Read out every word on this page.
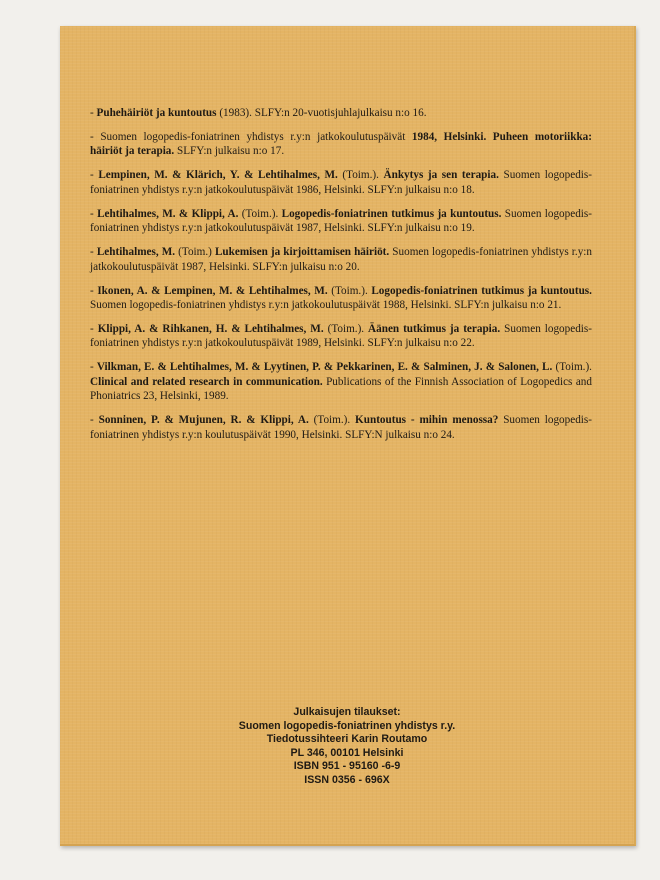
- Puhehäiriöt ja kuntoutus (1983). SLFY:n 20-vuotisjuhlajulkaisu n:o 16.

- Suomen logopedis-foniatrinen yhdistys r.y:n jatkokoulutuspäivät 1984, Helsinki. Puheen motoriikka: häiriöt ja terapia. SLFY:n julkaisu n:o 17.

- Lempinen, M. & Klärich, Y. & Lehtihalmes, M. (Toim.). Änkytys ja sen terapia. Suomen logopedis-foniatrinen yhdistys r.y:n jatkokoulutuspäivät 1986, Helsinki. SLFY:n julkaisu n:o 18.

- Lehtihalmes, M. & Klippi, A. (Toim.). Logopedis-foniatrinen tutkimus ja kuntoutus. Suomen logopedis-foniatrinen yhdistys r.y:n jatkokoulutuspäivät 1987, Helsinki. SLFY:n julkaisu n:o 19.

- Lehtihalmes, M. (Toim.) Lukemisen ja kirjoittamisen häiriöt. Suomen logopedis-foniatrinen yhdistys r.y:n jatkokoulutuspäivät 1987, Helsinki. SLFY:n julkaisu n:o 20.

- Ikonen, A. & Lempinen, M. & Lehtihalmes, M. (Toim.). Logopedis-foniatrinen tutkimus ja kuntoutus. Suomen logopedis-foniatrinen yhdistys r.y:n jatkokoulutuspäivät 1988, Helsinki. SLFY:n julkaisu n:o 21.

- Klippi, A. & Rihkanen, H. & Lehtihalmes, M. (Toim.). Äänen tutkimus ja terapia. Suomen logopedis-foniatrinen yhdistys r.y:n jatkokoulutuspäivät 1989, Helsinki. SLFY:n julkaisu n:o 22.

- Vilkman, E. & Lehtihalmes, M. & Lyytinen, P. & Pekkarinen, E. & Salminen, J. & Salonen, L. (Toim.). Clinical and related research in communication. Publications of the Finnish Association of Logopedics and Phoniatrics 23, Helsinki, 1989.

- Sonninen, P. & Mujunen, R. & Klippi, A. (Toim.). Kuntoutus - mihin menossa? Suomen logopedis-foniatrinen yhdistys r.y:n koulutuspäivät 1990, Helsinki. SLFY:N julkaisu n:o 24.

Julkaisujen tilaukset:
Suomen logopedis-foniatrinen yhdistys r.y.
Tiedotussihteeri Karin Routamo
PL 346, 00101 Helsinki
ISBN 951 - 95160 -6-9
ISSN 0356 - 696X
